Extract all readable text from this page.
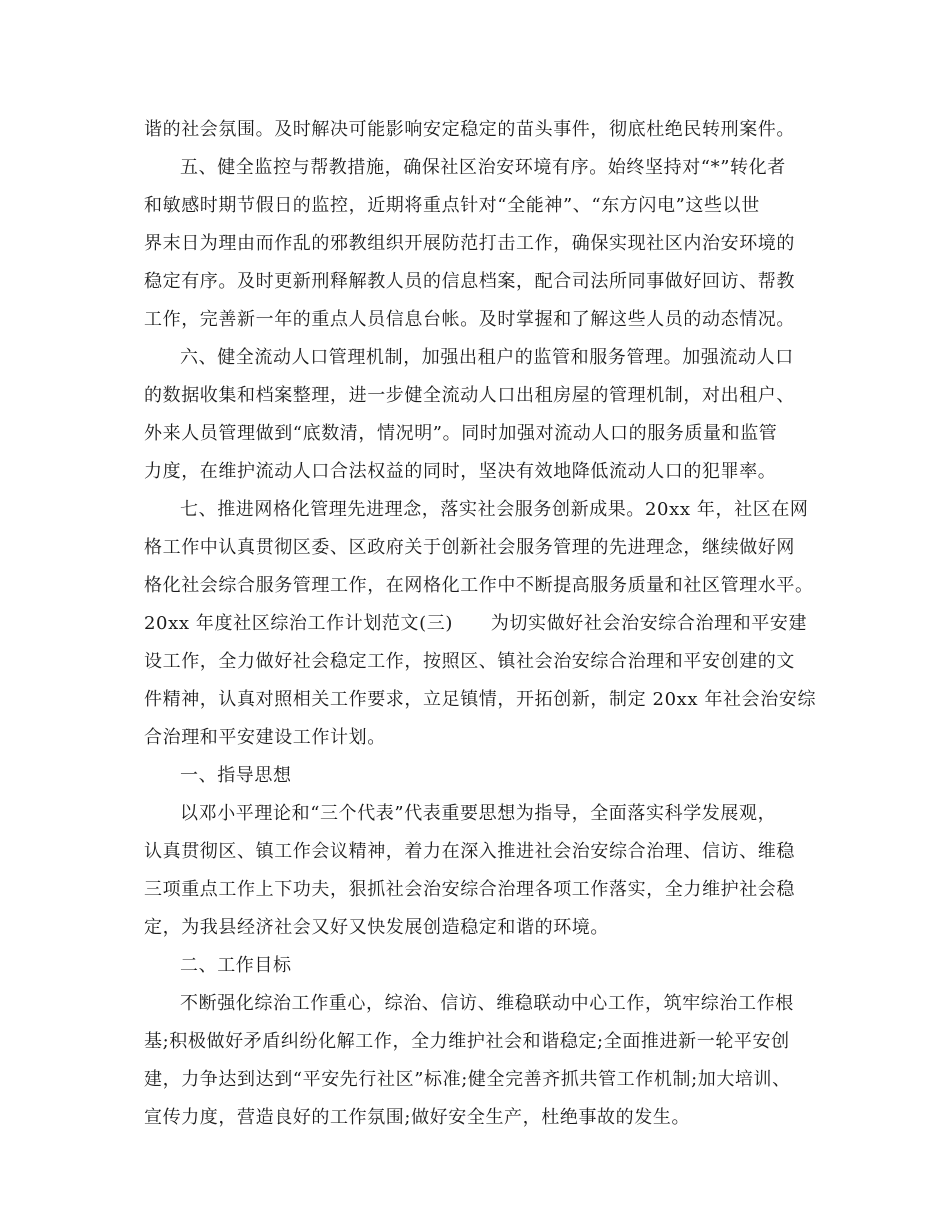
谐的社会氛围。及时解决可能影响安定稳定的苗头事件，彻底杜绝民转刑案件。
五、健全监控与帮教措施，确保社区治安环境有序。始终坚持对“*”转化者
和敏感时期节假日的监控，近期将重点针对“全能神”、“东方闪电”这些以世
界末日为理由而作乱的邪教组织开展防范打击工作，确保实现社区内治安环境的
稳定有序。及时更新刑释解教人员的信息档案，配合司法所同事做好回访、帮教
工作，完善新一年的重点人员信息台帐。及时掌握和了解这些人员的动态情况。
六、健全流动人口管理机制，加强出租户的监管和服务管理。加强流动人口
的数据收集和档案整理，进一步健全流动人口出租房屋的管理机制，对出租户、
外来人员管理做到“底数清，情况明”。同时加强对流动人口的服务质量和监管
力度，在维护流动人口合法权益的同时，坚决有效地降低流动人口的犯罪率。
七、推进网格化管理先进理念，落实社会服务创新成果。20xx 年，社区在网
格工作中认真贯彻区委、区政府关于创新社会服务管理的先进理念，继续做好网
格化社会综合服务管理工作，在网格化工作中不断提高服务质量和社区管理水平。
20xx 年度社区综治工作计划范文(三)      为切实做好社会治安综合治理和平安建
设工作，全力做好社会稳定工作，按照区、镇社会治安综合治理和平安创建的文
件精神，认真对照相关工作要求，立足镇情，开拓创新，制定 20xx 年社会治安综
合治理和平安建设工作计划。
一、指导思想
以邓小平理论和“三个代表”代表重要思想为指导，全面落实科学发展观，
认真贯彻区、镇工作会议精神，着力在深入推进社会治安综合治理、信访、维稳
三项重点工作上下功夫，狠抓社会治安综合治理各项工作落实，全力维护社会稳
定，为我县经济社会又好又快发展创造稳定和谐的环境。
二、工作目标
不断强化综治工作重心，综治、信访、维稳联动中心工作，筑牢综治工作根
基;积极做好矛盾纠纷化解工作，全力维护社会和谐稳定;全面推进新一轮平安创
建，力争达到达到“平安先行社区”标准;健全完善齐抓共管工作机制;加大培训、
宣传力度，营造良好的工作氛围;做好安全生产，杜绝事故的发生。
